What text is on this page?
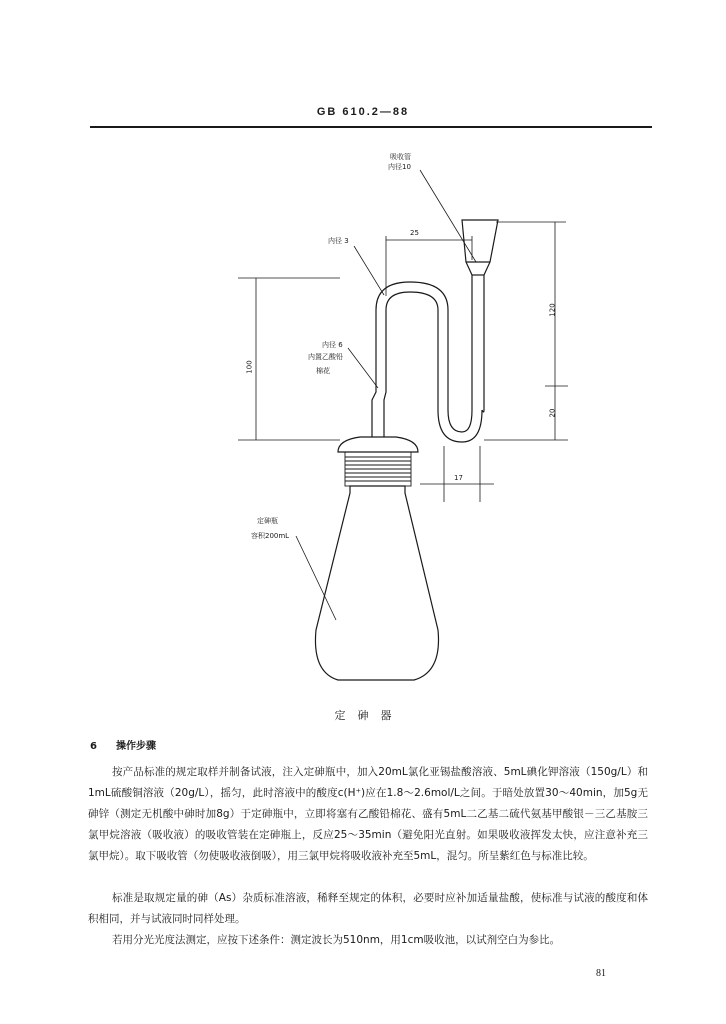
GB 610.2—88
吸收管
内径10
内径 3
内径 6
内置乙酸铅
棉花
定砷瓶
容积200mL
25
120
20
100
17
定砷器
6 操作步骤
按产品标准的规定取样并制备试液，注入定砷瓶中，加入20mL氯化亚锡盐酸溶液、5mL碘化钾溶液（150g/L）和1mL硫酸铜溶液（20g/L），摇匀，此时溶液中的酸度c(H⁺)应在1.8～2.6mol/L之间。于暗处放置30～40min，加5g无砷锌（测定无机酸中砷时加8g）于定砷瓶中，立即将塞有乙酸铅棉花、盛有5mL二乙基二硫代氨基甲酸银－三乙基胺三氯甲烷溶液（吸收液）的吸收管装在定砷瓶上，反应25～35min（避免阳光直射。如果吸收液挥发太快，应注意补充三氯甲烷）。取下吸收管（勿使吸收液倒吸），用三氯甲烷将吸收液补充至5mL，混匀。所呈紫红色与标准比较。
标准是取规定量的砷（As）杂质标准溶液，稀释至规定的体积，必要时应补加适量盐酸，使标准与试液的酸度和体积相同，并与试液同时同样处理。
若用分光光度法测定，应按下述条件：测定波长为510nm，用1cm吸收池，以试剂空白为参比。
81
